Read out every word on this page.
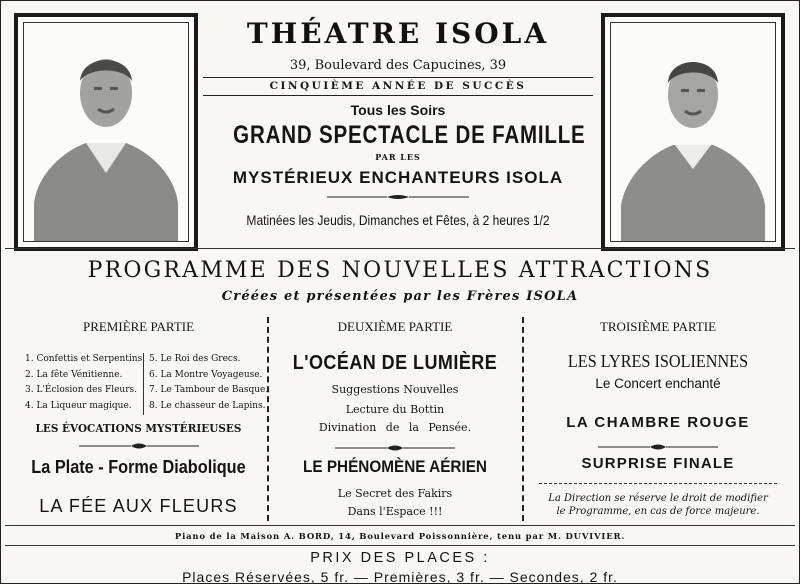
THÉATRE ISOLA
39, Boulevard des Capucines, 39
CINQUIÈME ANNÉE DE SUCCÈS
Tous les Soirs
GRAND SPECTACLE DE FAMILLE
PAR LES
MYSTÉRIEUX ENCHANTEURS ISOLA
Matinées les Jeudis, Dimanches et Fêtes, à 2 heures 1/2
PROGRAMME DES NOUVELLES ATTRACTIONS
Créées et présentées par les Frères ISOLA
PREMIÈRE PARTIE
1. Confettis et Serpentins.
2. La fête Vénitienne.
3. L'Éclosion des Fleurs.
4. La Liqueur magique.
5. Le Roi des Grecs.
6. La Montre Voyageuse.
7. Le Tambour de Basque.
8. Le chasseur de Lapins.
LES ÉVOCATIONS MYSTÉRIEUSES
La Plate - Forme Diabolique
LA FÉE AUX FLEURS
DEUXIÈME PARTIE
L'OCÉAN DE LUMIÈRE
Suggestions Nouvelles
Lecture du Bottin
Divination de la Pensée.
LE PHÉNOMÈNE AÉRIEN
Le Secret des Fakirs
Dans l'Espace !!!
TROISIÈME PARTIE
LES LYRES ISOLIENNES
Le Concert enchanté
LA CHAMBRE ROUGE
SURPRISE FINALE
La Direction se réserve le droit de modifier
le Programme, en cas de force majeure.
Piano de la Maison A. BORD, 14, Boulevard Poissonnière, tenu par M. DUVIVIER.
PRIX DES PLACES :
Places Réservées, 5 fr. — Premières, 3 fr. — Secondes, 2 fr.
